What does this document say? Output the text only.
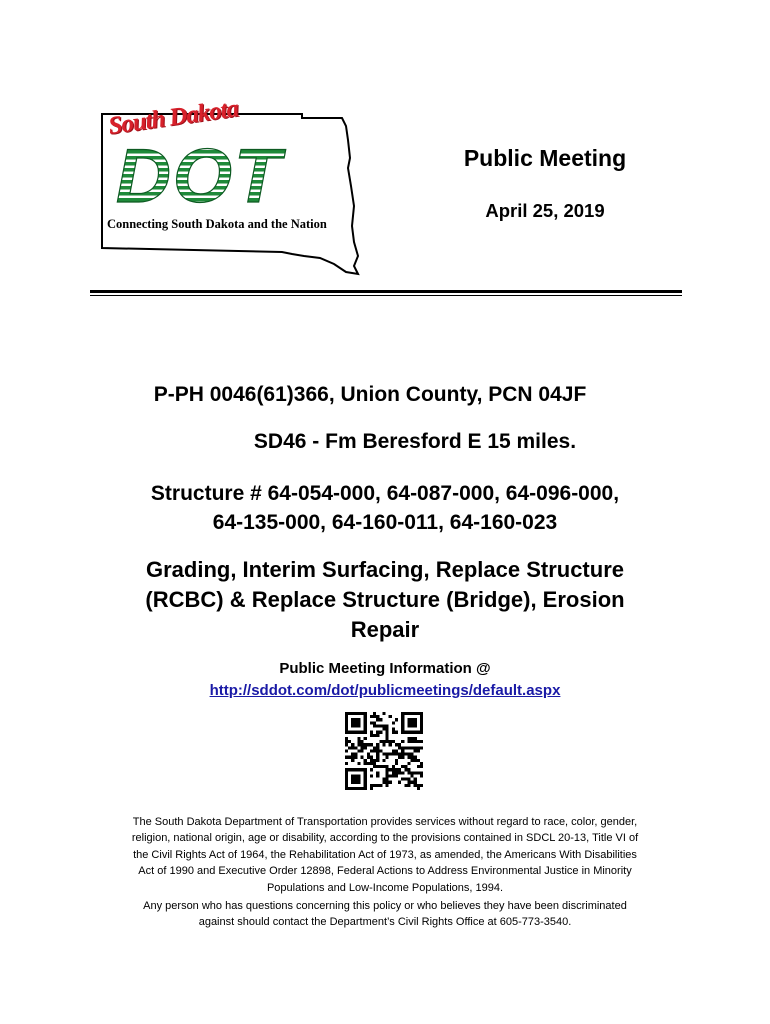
DOT
South Dakota
Connecting South Dakota and the Nation
Public Meeting
April 25, 2019
P-PH 0046(61)366, Union County, PCN 04JF
SD46 - Fm Beresford E 15 miles.
Structure # 64-054-000, 64-087-000, 64-096-000,
64-135-000, 64-160-011, 64-160-023
Grading, Interim Surfacing, Replace Structure
(RCBC) & Replace Structure (Bridge), Erosion
Repair
Public Meeting Information @
http://sddot.com/dot/publicmeetings/default.aspx
The South Dakota Department of Transportation provides services without regard to race, color, gender,
religion, national origin, age or disability, according to the provisions contained in SDCL 20-13, Title VI of
the Civil Rights Act of 1964, the Rehabilitation Act of 1973, as amended, the Americans With Disabilities
Act of 1990 and Executive Order 12898, Federal Actions to Address Environmental Justice in Minority
Populations and Low-Income Populations, 1994.
Any person who has questions concerning this policy or who believes they have been discriminated
against should contact the Department’s Civil Rights Office at 605-773-3540.
